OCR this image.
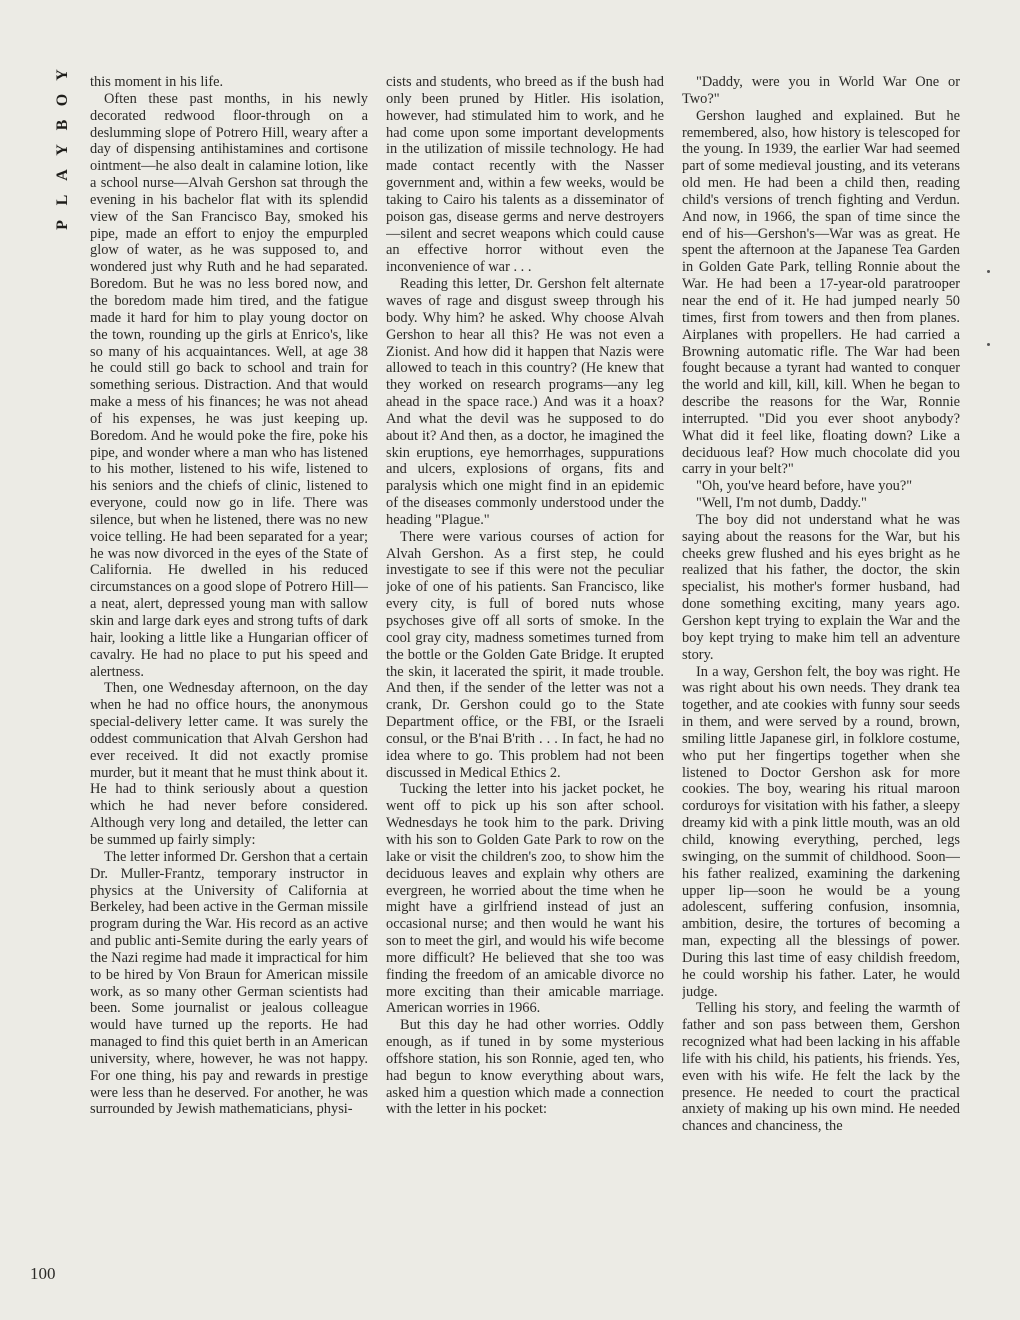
P
L
A
Y
B
O
Y
100

this moment in his life.

Often these past months, in his newly decorated redwood floor-through on a deslumming slope of Potrero Hill, weary after a day of dispensing antihistamines and cortisone ointment—he also dealt in calamine lotion, like a school nurse—Alvah Gershon sat through the evening in his bachelor flat with its splendid view of the San Francisco Bay, smoked his pipe, made an effort to enjoy the empurpled glow of water, as he was supposed to, and wondered just why Ruth and he had separated. Boredom. But he was no less bored now, and the boredom made him tired, and the fatigue made it hard for him to play young doctor on the town, rounding up the girls at Enrico's, like so many of his acquaintances. Well, at age 38 he could still go back to school and train for something serious. Distraction. And that would make a mess of his finances; he was not ahead of his expenses, he was just keeping up. Boredom. And he would poke the fire, poke his pipe, and wonder where a man who has listened to his mother, listened to his wife, listened to his seniors and the chiefs of clinic, listened to everyone, could now go in life. There was silence, but when he listened, there was no new voice telling. He had been separated for a year; he was now divorced in the eyes of the State of California. He dwelled in his reduced circumstances on a good slope of Potrero Hill—a neat, alert, depressed young man with sallow skin and large dark eyes and strong tufts of dark hair, looking a little like a Hungarian officer of cavalry. He had no place to put his speed and alertness.

Then, one Wednesday afternoon, on the day when he had no office hours, the anonymous special-delivery letter came. It was surely the oddest communication that Alvah Gershon had ever received. It did not exactly promise murder, but it meant that he must think about it. He had to think seriously about a question which he had never before considered. Although very long and detailed, the letter can be summed up fairly simply:

The letter informed Dr. Gershon that a certain Dr. Muller-Frantz, temporary instructor in physics at the University of California at Berkeley, had been active in the German missile program during the War. His record as an active and public anti-Semite during the early years of the Nazi regime had made it impractical for him to be hired by Von Braun for American missile work, as so many other German scientists had been. Some journalist or jealous colleague would have turned up the reports. He had managed to find this quiet berth in an American university, where, however, he was not happy. For one thing, his pay and rewards in prestige were less than he deserved. For another, he was surrounded by Jewish mathematicians, physi-

cists and students, who breed as if the bush had only been pruned by Hitler. His isolation, however, had stimulated him to work, and he had come upon some important developments in the utilization of missile technology. He had made contact recently with the Nasser government and, within a few weeks, would be taking to Cairo his talents as a disseminator of poison gas, disease germs and nerve destroyers—silent and secret weapons which could cause an effective horror without even the inconvenience of war . . .

Reading this letter, Dr. Gershon felt alternate waves of rage and disgust sweep through his body. Why him? he asked. Why choose Alvah Gershon to hear all this? He was not even a Zionist. And how did it happen that Nazis were allowed to teach in this country? (He knew that they worked on research programs—any leg ahead in the space race.) And was it a hoax? And what the devil was he supposed to do about it? And then, as a doctor, he imagined the skin eruptions, eye hemorrhages, suppurations and ulcers, explosions of organs, fits and paralysis which one might find in an epidemic of the diseases commonly understood under the heading "Plague."

There were various courses of action for Alvah Gershon. As a first step, he could investigate to see if this were not the peculiar joke of one of his patients. San Francisco, like every city, is full of bored nuts whose psychoses give off all sorts of smoke. In the cool gray city, madness sometimes turned from the bottle or the Golden Gate Bridge. It erupted the skin, it lacerated the spirit, it made trouble. And then, if the sender of the letter was not a crank, Dr. Gershon could go to the State Department office, or the FBI, or the Israeli consul, or the B'nai B'rith . . . In fact, he had no idea where to go. This problem had not been discussed in Medical Ethics 2.

Tucking the letter into his jacket pocket, he went off to pick up his son after school. Wednesdays he took him to the park. Driving with his son to Golden Gate Park to row on the lake or visit the children's zoo, to show him the deciduous leaves and explain why others are evergreen, he worried about the time when he might have a girlfriend instead of just an occasional nurse; and then would he want his son to meet the girl, and would his wife become more difficult? He believed that she too was finding the freedom of an amicable divorce no more exciting than their amicable marriage. American worries in 1966.

But this day he had other worries. Oddly enough, as if tuned in by some mysterious offshore station, his son Ronnie, aged ten, who had begun to know everything about wars, asked him a question which made a connection with the letter in his pocket:

"Daddy, were you in World War One or Two?"

Gershon laughed and explained. But he remembered, also, how history is telescoped for the young. In 1939, the earlier War had seemed part of some medieval jousting, and its veterans old men. He had been a child then, reading child's versions of trench fighting and Verdun. And now, in 1966, the span of time since the end of his—Gershon's—War was as great. He spent the afternoon at the Japanese Tea Garden in Golden Gate Park, telling Ronnie about the War. He had been a 17-year-old paratrooper near the end of it. He had jumped nearly 50 times, first from towers and then from planes. Airplanes with propellers. He had carried a Browning automatic rifle. The War had been fought because a tyrant had wanted to conquer the world and kill, kill, kill. When he began to describe the reasons for the War, Ronnie interrupted. "Did you ever shoot anybody? What did it feel like, floating down? Like a deciduous leaf? How much chocolate did you carry in your belt?"

"Oh, you've heard before, have you?"

"Well, I'm not dumb, Daddy."

The boy did not understand what he was saying about the reasons for the War, but his cheeks grew flushed and his eyes bright as he realized that his father, the doctor, the skin specialist, his mother's former husband, had done something exciting, many years ago. Gershon kept trying to explain the War and the boy kept trying to make him tell an adventure story.

In a way, Gershon felt, the boy was right. He was right about his own needs. They drank tea together, and ate cookies with funny sour seeds in them, and were served by a round, brown, smiling little Japanese girl, in folklore costume, who put her fingertips together when she listened to Doctor Gershon ask for more cookies. The boy, wearing his ritual maroon corduroys for visitation with his father, a sleepy dreamy kid with a pink little mouth, was an old child, knowing everything, perched, legs swinging, on the summit of childhood. Soon—his father realized, examining the darkening upper lip—soon he would be a young adolescent, suffering confusion, insomnia, ambition, desire, the tortures of becoming a man, expecting all the blessings of power. During this last time of easy childish freedom, he could worship his father. Later, he would judge.

Telling his story, and feeling the warmth of father and son pass between them, Gershon recognized what had been lacking in his affable life with his child, his patients, his friends. Yes, even with his wife. He felt the lack by the presence. He needed to court the practical anxiety of making up his own mind. He needed chances and chanciness, the
